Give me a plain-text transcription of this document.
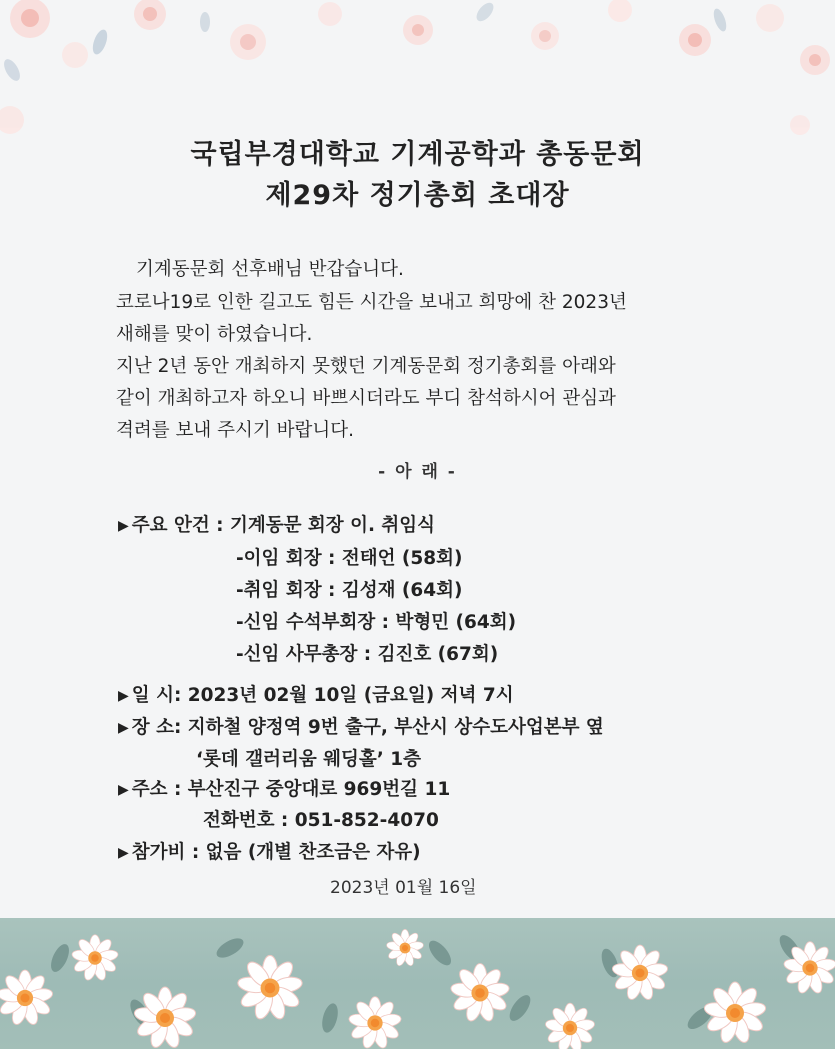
국립부경대학교 기계공학과 총동문회
제29차 정기총회 초대장
기계동문회 선후배님 반갑습니다.
코로나19로 인한 길고도 힘든 시간을 보내고 희망에 찬 2023년
새해를 맞이 하였습니다.
지난 2년 동안 개최하지 못했던 기계동문회 정기총회를 아래와
같이 개최하고자 하오니 바쁘시더라도 부디 참석하시어 관심과
격려를 보내 주시기 바랍니다.
- 아 래 -
▶ 주요 안건 : 기계동문 회장 이. 취임식
-이임 회장 : 전태언 (58회)
-취임 회장 : 김성재 (64회)
-신임 수석부회장 : 박형민 (64회)
-신임 사무총장 : 김진호 (67회)
▶ 일 시: 2023년 02월 10일 (금요일) 저녁 7시
▶ 장 소: 지하철 양정역 9번 출구, 부산시 상수도사업본부 옆
‘롯데 갤러리움 웨딩홀’ 1층
▶ 주소 : 부산진구 중앙대로 969번길 11
전화번호 : 051-852-4070
▶ 참가비 : 없음 (개별 찬조금은 자유)
2023년 01월 16일
